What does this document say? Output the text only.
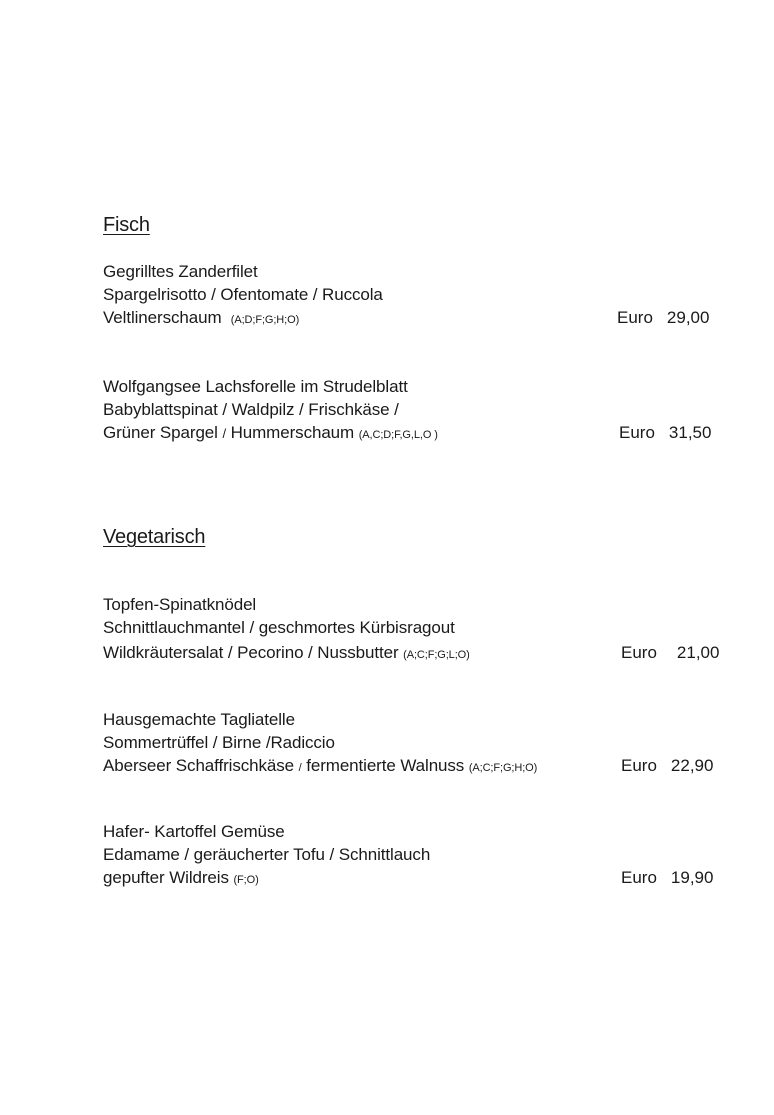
Fisch
Gegrilltes Zanderfilet
Spargelrisotto / Ofentomate / Ruccola
Veltlinerschaum (A;D;F;G;H;O)	Euro 29,00
Wolfgangsee Lachsforelle im Strudelblatt
Babyblattspinat / Waldpilz / Frischkäse /
Grüner Spargel / Hummerschaum (A,C;D;F,G,L,O )	Euro 31,50
Vegetarisch
Topfen-Spinatknödel
Schnittlauchmantel / geschmortes Kürbisragout
Wildkräutersalat / Pecorino / Nussbutter (A;C;F;G;L;O)	Euro 21,00
Hausgemachte Tagliatelle
Sommertrüffel / Birne /Radiccio
Aberseer Schaffrischkäse / fermentierte Walnuss (A;C;F;G;H;O)	Euro 22,90
Hafer- Kartoffel Gemüse
Edamame / geräucherter Tofu / Schnittlauch
gepufter Wildreis (F;O)	Euro 19,90
